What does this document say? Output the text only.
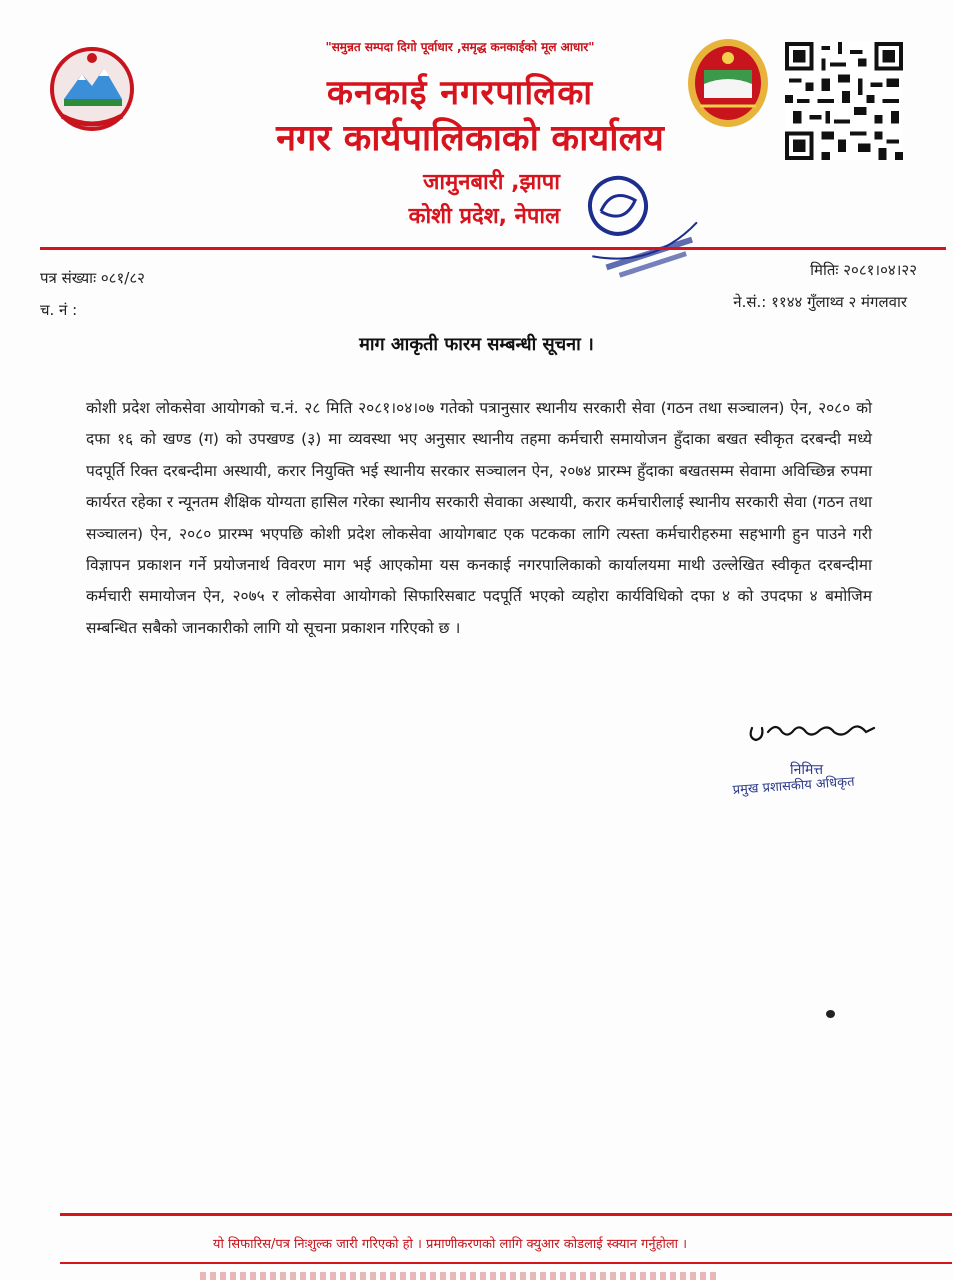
"समुन्नत सम्पदा दिगो पूर्वाधार ,समृद्ध कनकाईको मूल आधार"
कनकाई नगरपालिका
नगर कार्यपालिकाको कार्यालय
जामुनबारी ,झापा
कोशी प्रदेश, नेपाल
पत्र संख्याः ०८१/८२
च. नं :
मितिः २०८१।०४।२२
ने.सं.: ११४४ गुँलाथ्व २ मंगलवार
माग आकृती फारम सम्बन्धी सूचना ।
कोशी प्रदेश लोकसेवा आयोगको च.नं. २८ मिति २०८१।०४।०७ गतेको पत्रानुसार स्थानीय सरकारी सेवा (गठन तथा सञ्चालन) ऐन, २०८० को दफा १६ को खण्ड (ग) को उपखण्ड (३) मा व्यवस्था भए अनुसार स्थानीय तहमा कर्मचारी समायोजन हुँदाका बखत स्वीकृत दरबन्दी मध्ये पदपूर्ति रिक्त दरबन्दीमा अस्थायी, करार नियुक्ति भई स्थानीय सरकार सञ्चालन ऐन, २०७४ प्रारम्भ हुँदाका बखतसम्म सेवामा अविच्छिन्न रुपमा कार्यरत रहेका र न्यूनतम शैक्षिक योग्यता हासिल गरेका स्थानीय सरकारी सेवाका अस्थायी, करार कर्मचारीलाई स्थानीय सरकारी सेवा (गठन तथा सञ्चालन) ऐन, २०८० प्रारम्भ भएपछि कोशी प्रदेश लोकसेवा आयोगबाट एक पटकका लागि त्यस्ता कर्मचारीहरुमा सहभागी हुन पाउने गरी विज्ञापन प्रकाशन गर्ने प्रयोजनार्थ विवरण माग भई आएकोमा यस कनकाई नगरपालिकाको कार्यालयमा माथी उल्लेखित स्वीकृत दरबन्दीमा कर्मचारी समायोजन ऐन, २०७५ र लोकसेवा आयोगको सिफारिसबाट पदपूर्ति भएको व्यहोरा कार्यविधिको दफा ४ को उपदफा ४ बमोजिम सम्बन्धित सबैको जानकारीको लागि यो सूचना प्रकाशन गरिएको छ ।
निमित्त
प्रमुख प्रशासकीय अधिकृत
यो सिफारिस/पत्र निःशुल्क जारी गरिएको हो । प्रमाणीकरणको लागि क्युआर कोडलाई स्क्यान गर्नुहोला ।
